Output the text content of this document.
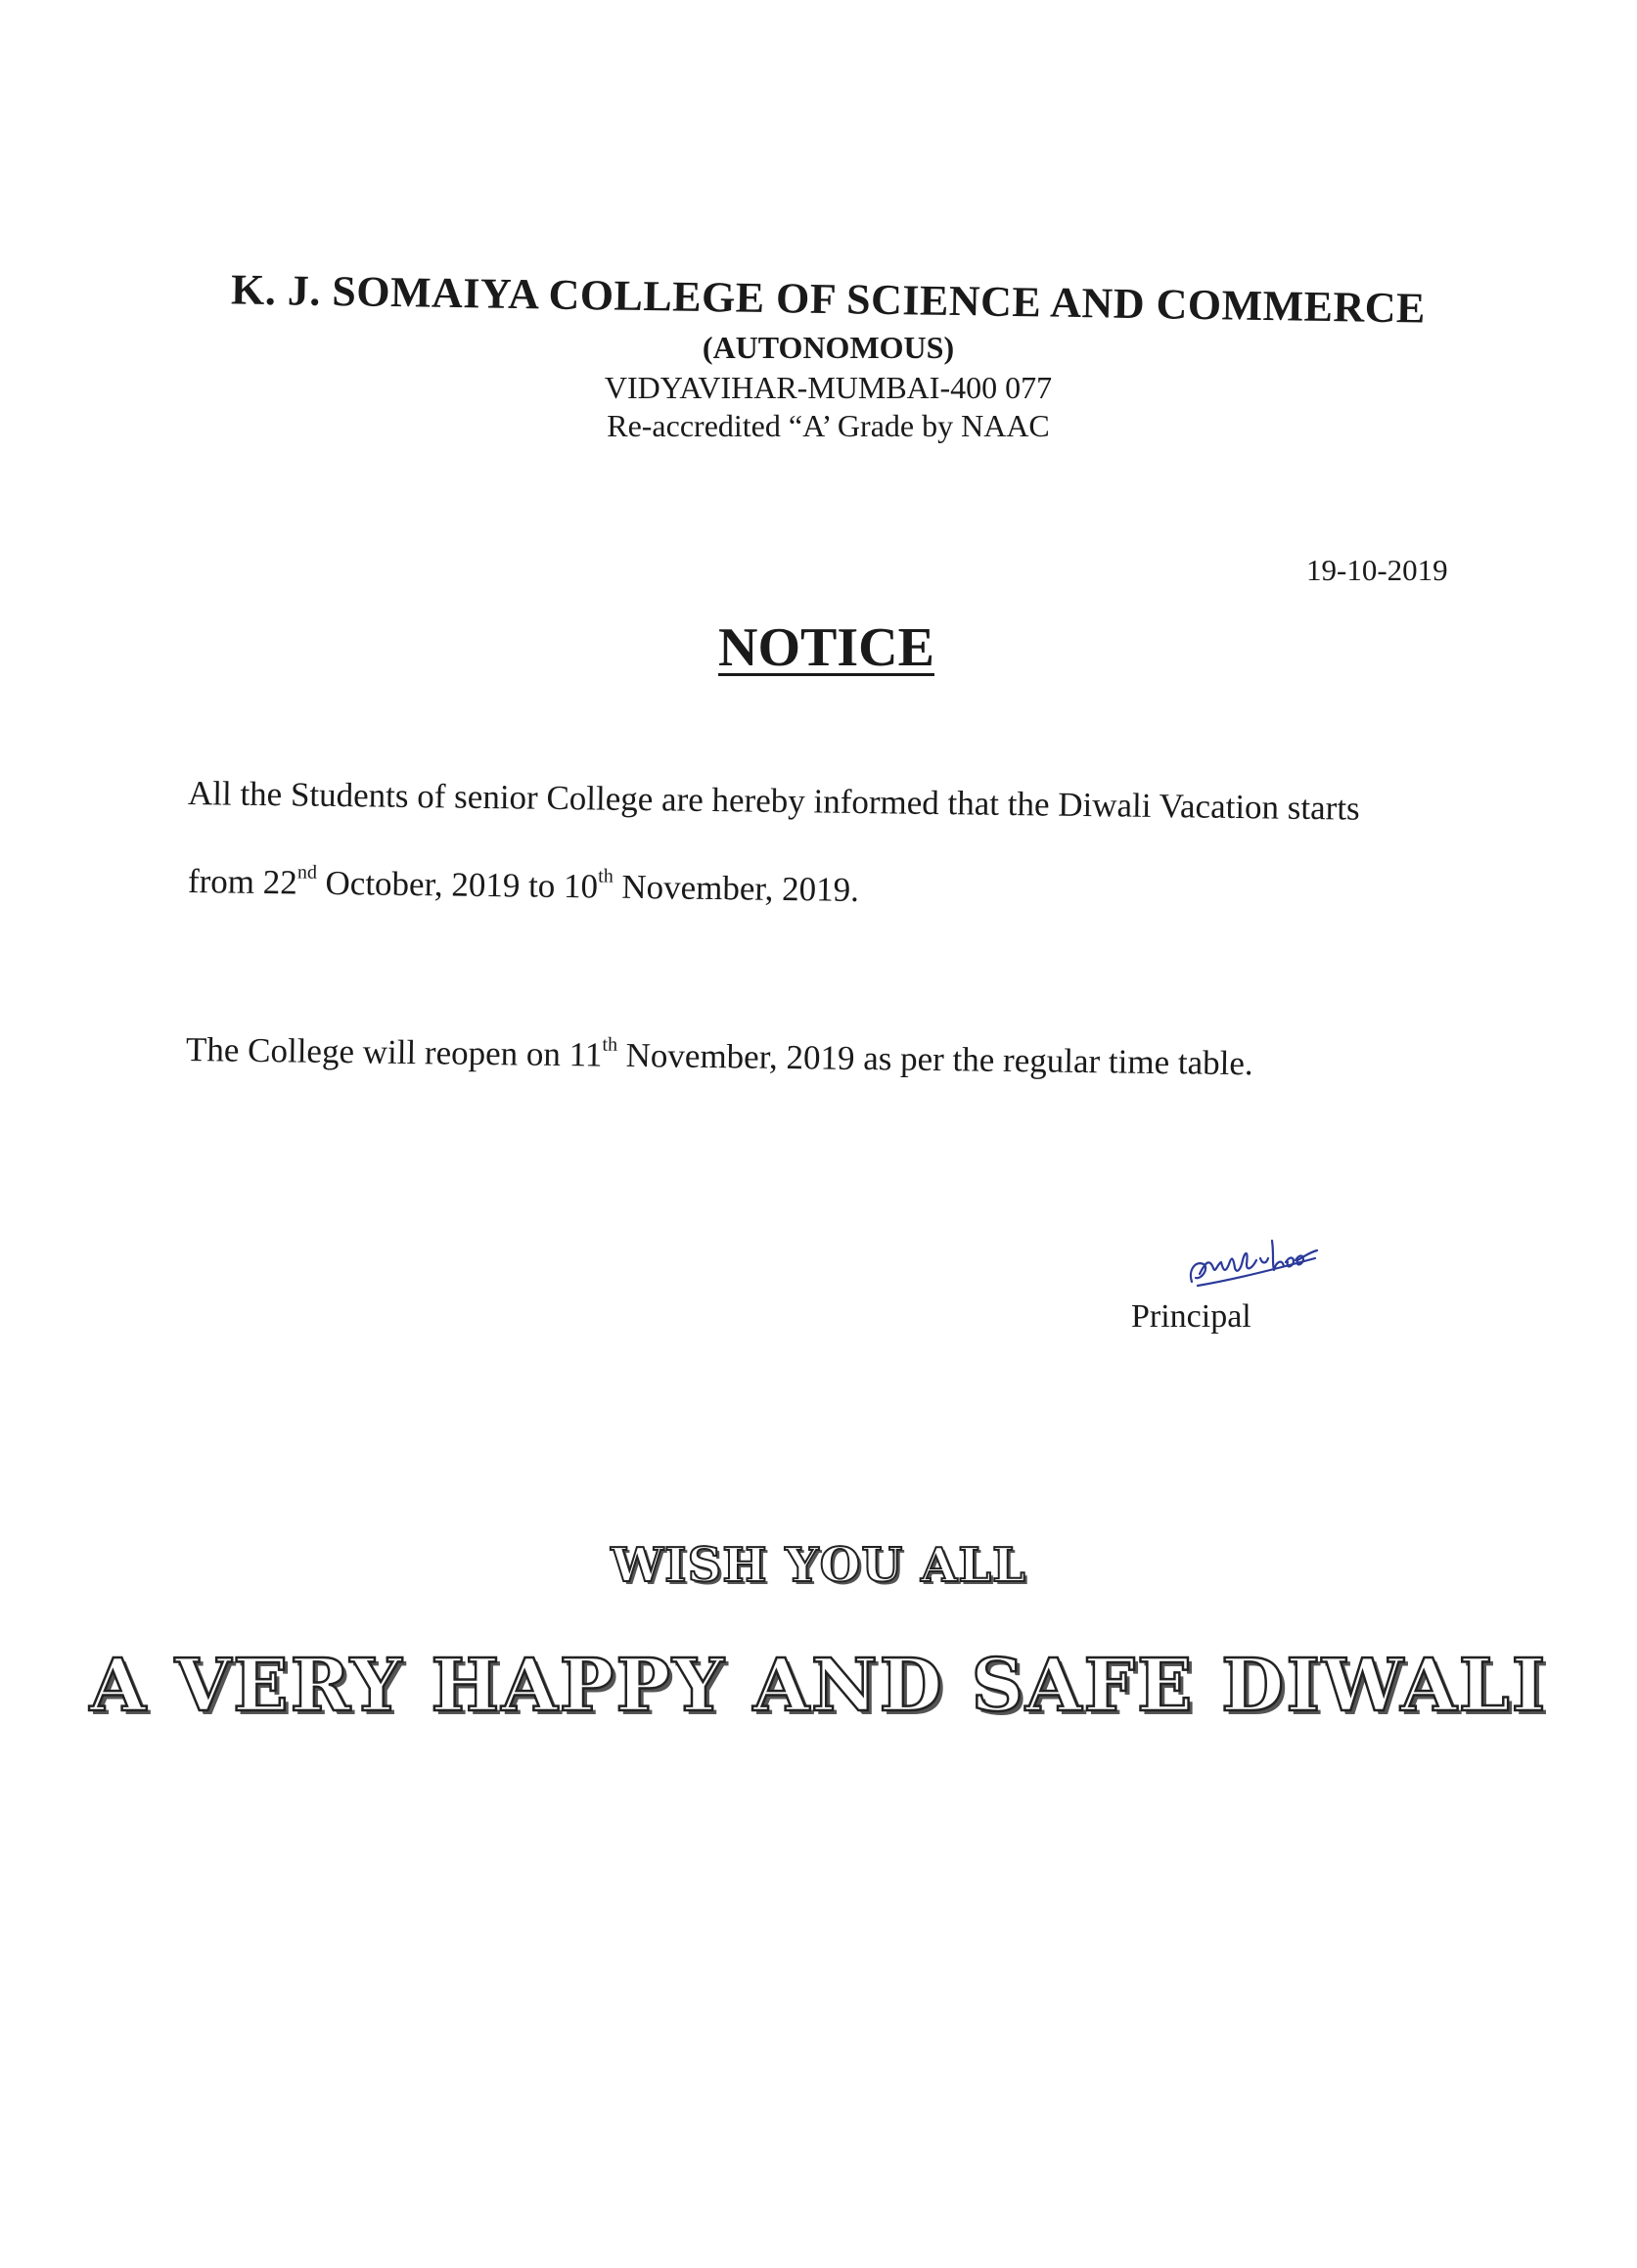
K. J. SOMAIYA COLLEGE OF SCIENCE AND COMMERCE
(AUTONOMOUS)
VIDYAVIHAR-MUMBAI-400 077
Re-accredited “A’ Grade by NAAC
19-10-2019
NOTICE
All the Students of senior College are hereby informed that the Diwali Vacation starts
from 22nd October, 2019 to 10th November, 2019.
The College will reopen on 11th November, 2019 as per the regular time table.
Principal
WISH YOU ALL
A VERY HAPPY AND SAFE DIWALI
